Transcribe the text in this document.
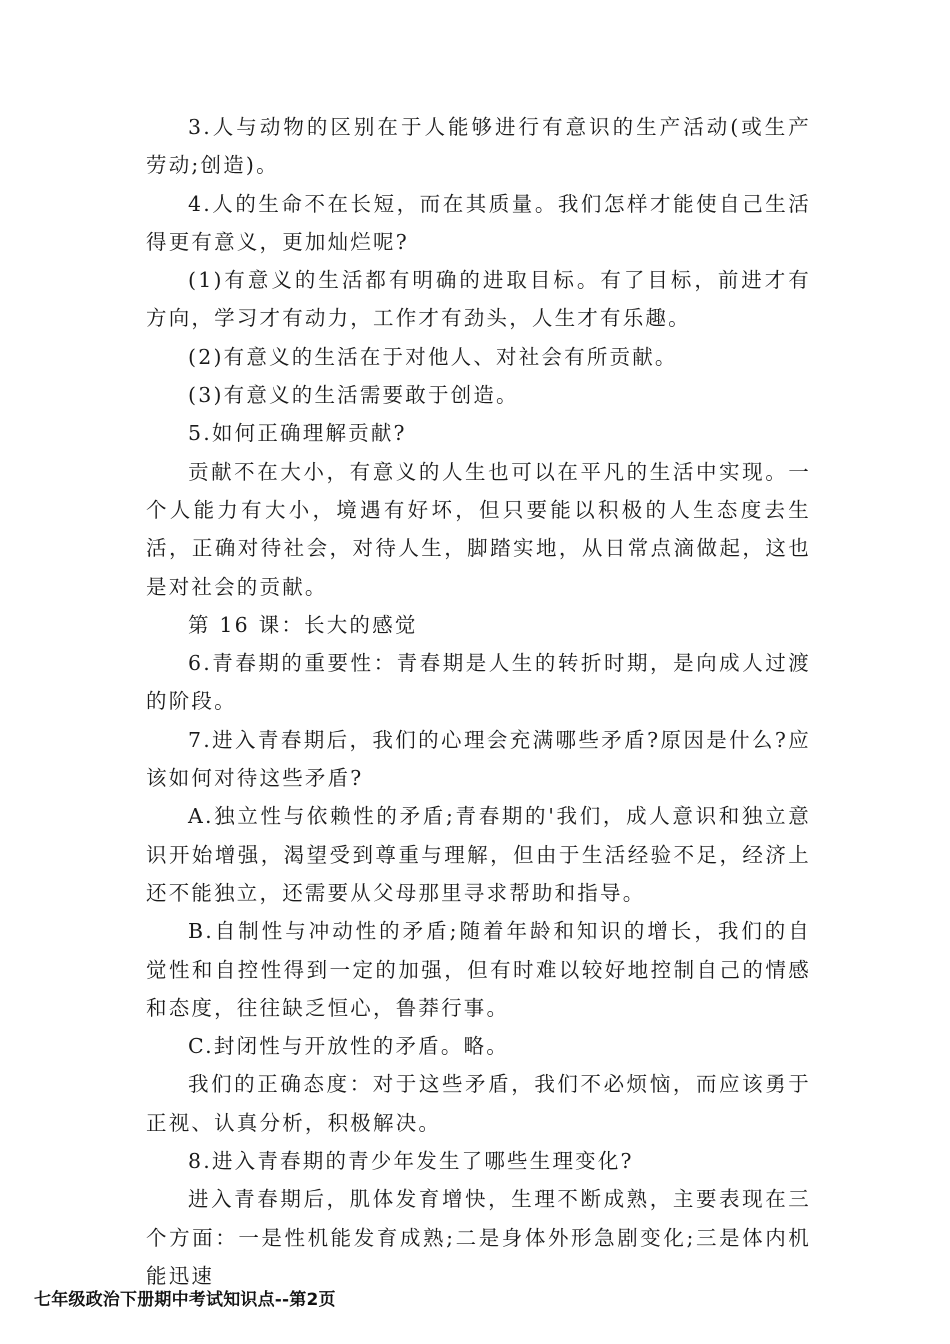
3.人与动物的区别在于人能够进行有意识的生产活动(或生产劳动;创造)。

4.人的生命不在长短，而在其质量。我们怎样才能使自己生活得更有意义，更加灿烂呢?

(1)有意义的生活都有明确的进取目标。有了目标，前进才有方向，学习才有动力，工作才有劲头，人生才有乐趣。

(2)有意义的生活在于对他人、对社会有所贡献。

(3)有意义的生活需要敢于创造。

5.如何正确理解贡献?

贡献不在大小，有意义的人生也可以在平凡的生活中实现。一个人能力有大小，境遇有好坏，但只要能以积极的人生态度去生活，正确对待社会，对待人生，脚踏实地，从日常点滴做起，这也是对社会的贡献。

第 16 课：长大的感觉

6.青春期的重要性：青春期是人生的转折时期，是向成人过渡的阶段。

7.进入青春期后，我们的心理会充满哪些矛盾?原因是什么?应该如何对待这些矛盾?

A.独立性与依赖性的矛盾;青春期的'我们，成人意识和独立意识开始增强，渴望受到尊重与理解，但由于生活经验不足，经济上还不能独立，还需要从父母那里寻求帮助和指导。

B.自制性与冲动性的矛盾;随着年龄和知识的增长，我们的自觉性和自控性得到一定的加强，但有时难以较好地控制自己的情感和态度，往往缺乏恒心，鲁莽行事。

C.封闭性与开放性的矛盾。略。

我们的正确态度：对于这些矛盾，我们不必烦恼，而应该勇于正视、认真分析，积极解决。

8.进入青春期的青少年发生了哪些生理变化?

进入青春期后，肌体发育增快，生理不断成熟，主要表现在三个方面：一是性机能发育成熟;二是身体外形急剧变化;三是体内机能迅速

七年级政治下册期中考试知识点--第2页
